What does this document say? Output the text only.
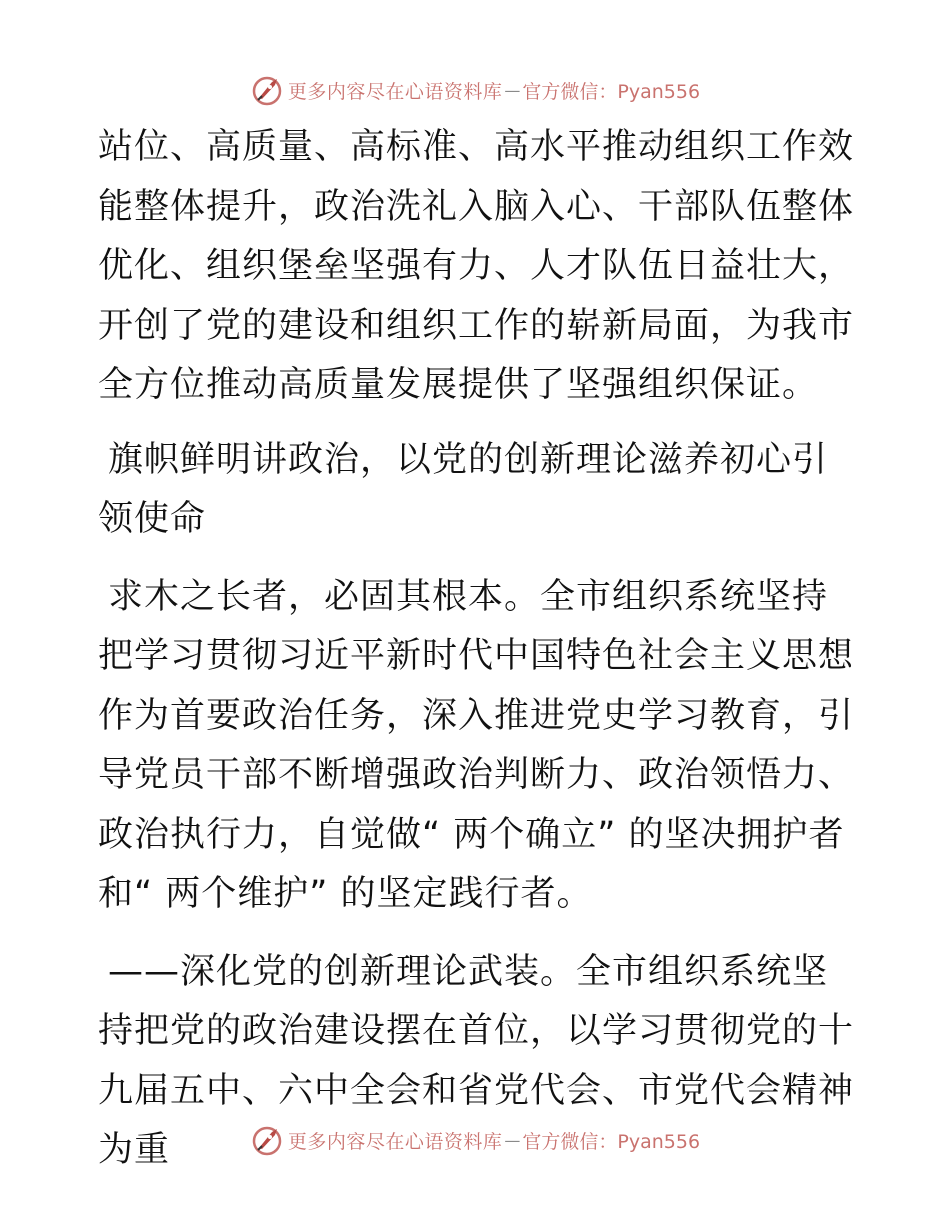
更多内容尽在心语资料库 — 官方微信：Pyan556

站位、高质量、高标准、高水平推动组织工作效能整体提升，政治洗礼入脑入心、干部队伍整体优化、组织堡垒坚强有力、人才队伍日益壮大，开创了党的建设和组织工作的崭新局面，为我市全方位推动高质量发展提供了坚强组织保证。

旗帜鲜明讲政治，以党的创新理论滋养初心引领使命

求木之长者，必固其根本。全市组织系统坚持把学习贯彻习近平新时代中国特色社会主义思想作为首要政治任务，深入推进党史学习教育，引导党员干部不断增强政治判断力、政治领悟力、政治执行力，自觉做“ 两个确立” 的坚决拥护者和“ 两个维护” 的坚定践行者。

——深化党的创新理论武装。全市组织系统坚持把党的政治建设摆在首位，以学习贯彻党的十九届五中、六中全会和省党代会、市党代会精神为重	更多内容尽在心语资料库 — 官方微信：Pyan556
